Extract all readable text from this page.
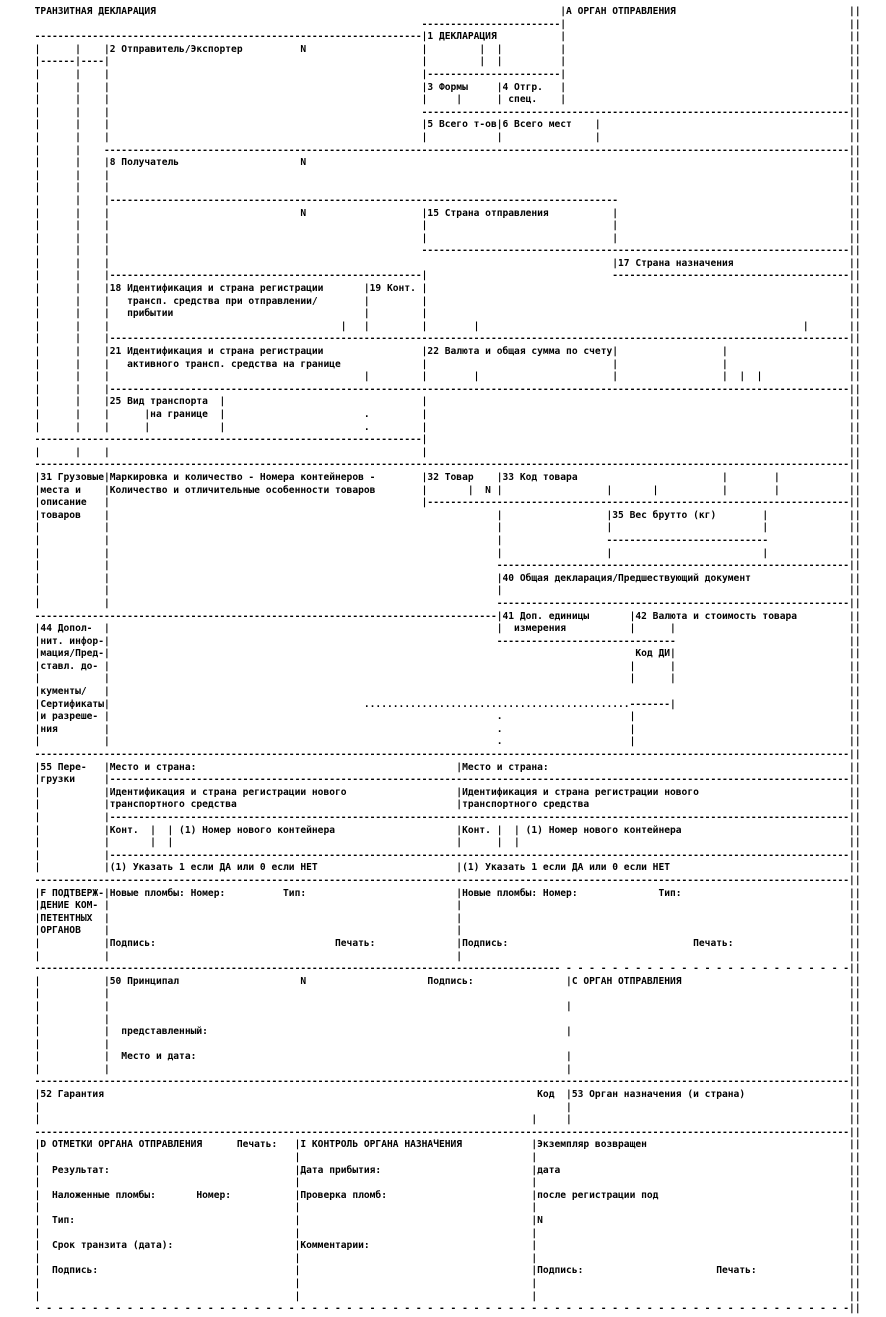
ТРАНЗИТНАЯ ДЕКЛАРАЦИЯ                                                                      |А ОРГАН ОТПРАВЛЕНИЯ                              ||
------------------------|                                                 ||
-------------------------------------------------------------------|1 ДЕКЛАРАЦИЯ           |                                                 ||
|      |    |2 Отправитель/Экспортер          N                    |         |  |          |                                                 ||
|------|----|                                                      |         |  |          |                                                 ||
|      |    |                                                      |-----------------------|                                                 ||
|      |    |                                                      |3 Формы     |4 Отгр.   |                                                 ||
|      |    |                                                      |     |      | спец.    |                                                 ||
|      |    |                                                      --------------------------------------------------------------------------||
|      |    |                                                      |5 Всего т-ов|6 Всего мест    |                                           ||
|      |    |                                                      |            |                |                                           ||
|      |    ---------------------------------------------------------------------------------------------------------------------------------||
|      |    |8 Получатель                     N                                                                                              ||
|      |    |                                                                                                                                ||
|      |    |                                                                                                                                ||
|      |    |----------------------------------------------------------------------------------------                                        ||
|      |    |                                 N                    |15 Страна отправления           |                                        ||
|      |    |                                                      |                                |                                        ||
|      |    |                                                      |                                |                                        ||
|      |    |                                                      --------------------------------------------------------------------------||
|      |    |                                                                                       |17 Страна назначения                    ||
|      |    |------------------------------------------------------|                                -----------------------------------------||
|      |    |18 Идентификация и страна регистрации       |19 Конт. |                                                                         ||
|      |    |   трансп. средства при отправлении/        |         |                                                                         ||
|      |    |   прибытии                                 |         |                                                                         ||
|      |    |                                        |   |         |        |                                                        |       ||
|      |    |--------------------------------------------------------------------------------------------------------------------------------||
|      |    |21 Идентификация и страна регистрации                 |22 Валюта и общая сумма по счету|                  |                     ||
|      |    |   активного трансп. средства на границе              |                                |                  |                     ||
|      |    |                                            |         |        |                       |                  |  |  |               ||
|      |    |--------------------------------------------------------------------------------------------------------------------------------||
|      |    |25 Вид транспорта  |                                  |                                                                         ||
|      |    |      |на границе  |                        .         |                                                                         ||
|      |    |      |            |                        .         |                                                                         ||
-------------------------------------------------------------------|                                                                         ||
|      |    |                                                      |                                                                         ||
---------------------------------------------------------------------------------------------------------------------------------------------||
|31 Грузовые|Маркировка и количество - Номера контейнеров -        |32 Товар    |33 Код товара                         |        |            ||
|места и    |Количество и отличительные особенности товаров        |       |  N |                  |       |           |        |            ||
|описание   |                                                      |-------------------------------------------------------------------------||
|товаров    |                                                                   |                  |35 Вес брутто (кг)        |              ||
|           |                                                                   |                  |                          |              ||
|           |                                                                   |                  ----------------------------              ||
|           |                                                                   |                  |                          |              ||
|           |                                                                   -------------------------------------------------------------||
|           |                                                                   |40 Общая декларация/Предшествующий документ                 ||
|           |                                                                   |                                                            ||
|           |                                                                   -------------------------------------------------------------||
--------------------------------------------------------------------------------|41 Доп. единицы       |42 Валюта и стоимость товара         ||
|44 Допол-  |                                                                   |  измерения           |      |                              ||
|нит. инфор-|                                                                   -------------------------------                              ||
|мация/Пред-|                                                                                           Код ДИ|                              ||
|ставл. до- |                                                                                          |      |                              ||
|           |                                                                                          |      |                              ||
|кументы/   |                                                                                                                                ||
|Сертификаты|                                            ..............................................-------|                              ||
|и разреше- |                                                                   .                      |                                     ||
|ния        |                                                                   .                      |                                     ||
|           |                                                                   .                      |                                     ||
---------------------------------------------------------------------------------------------------------------------------------------------||
|55 Пере-   |Место и страна:                                             |Место и страна:                                                    ||
|грузки     |--------------------------------------------------------------------------------------------------------------------------------||
|           |Идентификация и страна регистрации нового                   |Идентификация и страна регистрации нового                          ||
|           |транспортного средства                                      |транспортного средства                                             ||
|           |--------------------------------------------------------------------------------------------------------------------------------||
|           |Конт.  |  | (1) Номер нового контейнера                     |Конт. |  | (1) Номер нового контейнера                             ||
|           |       |  |                                                 |      |  |                                                         ||
|           |--------------------------------------------------------------------------------------------------------------------------------||
|           |(1) Указать 1 если ДА или 0 если НЕТ                        |(1) Указать 1 если ДА или 0 если НЕТ                               ||
---------------------------------------------------------------------------------------------------------------------------------------------||
|F ПОДТВЕРЖ-|Новые пломбы: Номер:          Тип:                          |Новые пломбы: Номер:              Тип:                             ||
|ДЕНИЕ КОМ- |                                                            |                                                                   ||
|ПЕТЕНТНЫХ  |                                                            |                                                                   ||
|ОРГАНОВ    |                                                            |                                                                   ||
|           |Подпись:                               Печать:              |Подпись:                                Печать:                    ||
|           |                                                            |                                                                   ||
------------------------------------------------------------------------------------------- - - - - - - - - - - - - - - - - - - - - - - - - -||
|           |50 Принципал                     N                     Подпись:                |C ОРГАН ОТПРАВЛЕНИЯ                             ||
|           |                                                                                                                                ||
|           |                                                                               |                                                ||
|           |                                                                                                                                ||
|           |  представленный:                                                              |                                                ||
|           |                                                                                                                                ||
|           |  Место и дата:                                                                |                                                ||
|           |                                                                               |                                                ||
---------------------------------------------------------------------------------------------------------------------------------------------||
|52 Гарантия                                                                           Код  |53 Орган назначения (и страна)                  ||
|                                                                                           |                                                ||
|                                                                                     |     |                                                ||
---------------------------------------------------------------------------------------------------------------------------------------------||
|D ОТМЕТКИ ОРГАНА ОТПРАВЛЕНИЯ      Печать:   |I КОНТРОЛЬ ОРГАНА НАЗНАЧЕНИЯ            |Экземпляр возвращен                                   ||
|                                            |                                        |                                                      ||
|  Результат:                                |Дата прибытия:                          |дата                                                  ||
|                                            |                                        |                                                      ||
|  Наложенные пломбы:       Номер:           |Проверка пломб:                         |после регистрации под                                 ||
|                                            |                                        |                                                      ||
|  Тип:                                      |                                        |N                                                     ||
|                                            |                                        |                                                      ||
|  Срок транзита (дата):                     |Комментарии:                            |                                                      ||
|                                            |                                        |                                                      ||
|  Подпись:                                  |                                        |Подпись:                       Печать:                ||
|                                            |                                        |                                                      ||
|                                            |                                        |                                                      ||
- - - - - - - - - - - - - - - - - - - - - - - - - - - - - - - - - - - - - - - - - - - - - - - - - - - - - - - - - - - - - - - - - - - - - - -||
